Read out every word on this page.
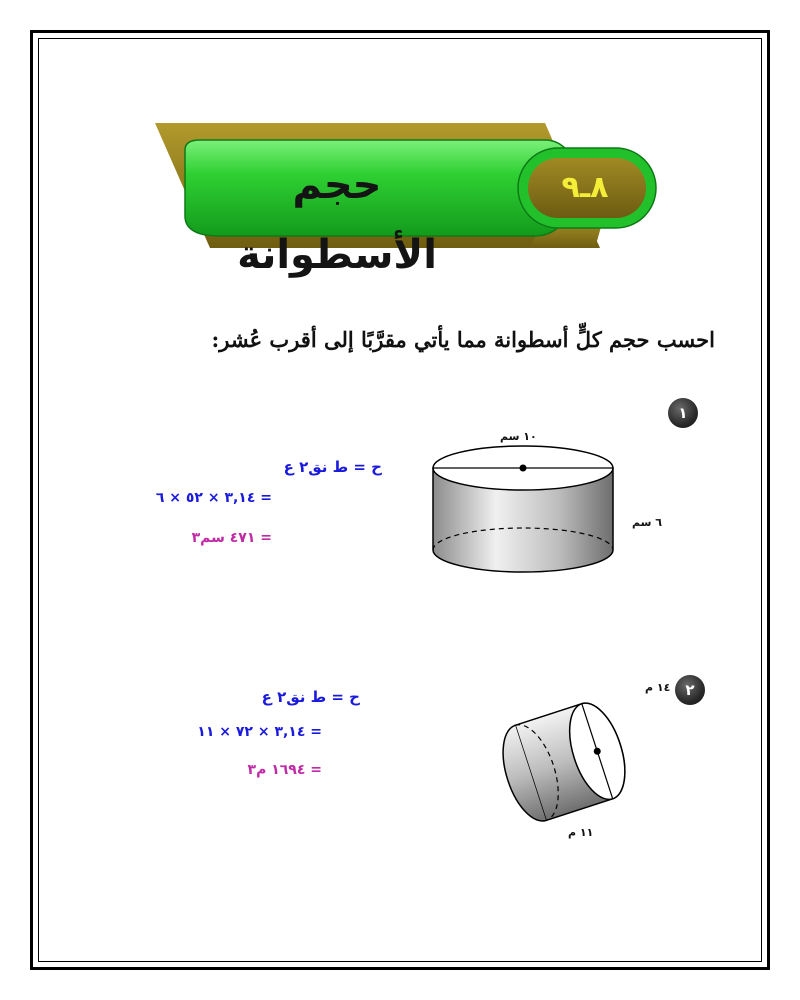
حجم الأسطوانة
٨ـ٩
احسب حجم كلٍّ أسطوانة مما يأتي مقرَّبًا إلى أقرب عُشر:
١
١٠ سم
٦ سم
ح = ط نق٢ ع
= ٣,١٤ × ٥٢ × ٦
= ٤٧١ سم٣
٢
١٤ م
١١ م
ح = ط نق٢ ع
= ٣,١٤ × ٧٢ × ١١
= ١٦٩٤ م٣
